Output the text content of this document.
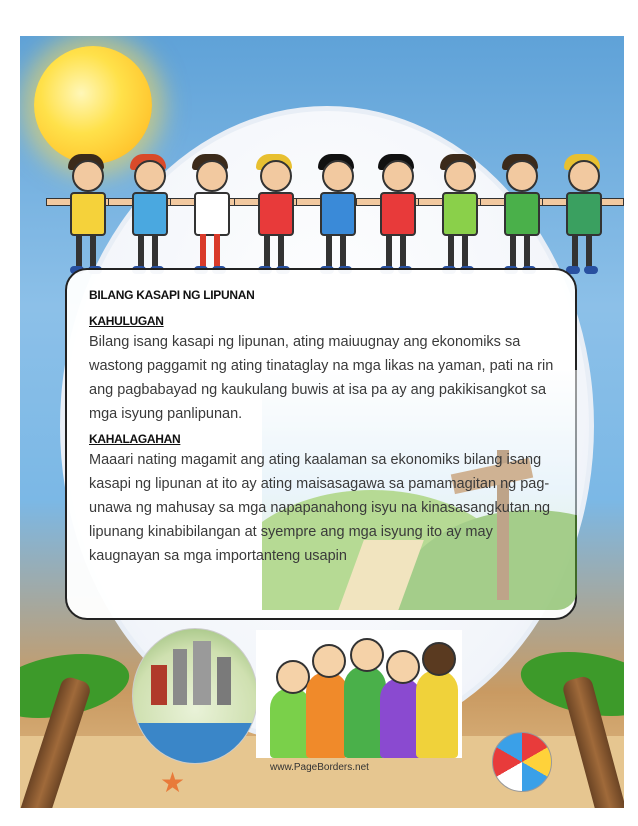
★
BILANG KASAPI NG LIPUNAN
KAHULUGAN

Bilang isang kasapi ng lipunan, ating maiuugnay ang ekonomiks sa wastong paggamit ng ating tinataglay na mga likas na yaman, pati na rin ang pagbabayad ng kaukulang buwis at isa pa ay ang pakikisangkot sa mga isyung panlipunan.

KAHALAGAHAN

Maaari nating magamit ang ating kaalaman sa ekonomiks bilang isang kasapi ng lipunan at ito ay ating maisasagawa sa pamamagitan ng pag-unawa ng mahusay sa mga napapanahong isyu na kinasasangkutan ng lipunang kinabibilangan at syempre ang mga isyung ito ay may kaugnayan sa mga importanteng usapin

www.PageBorders.net
